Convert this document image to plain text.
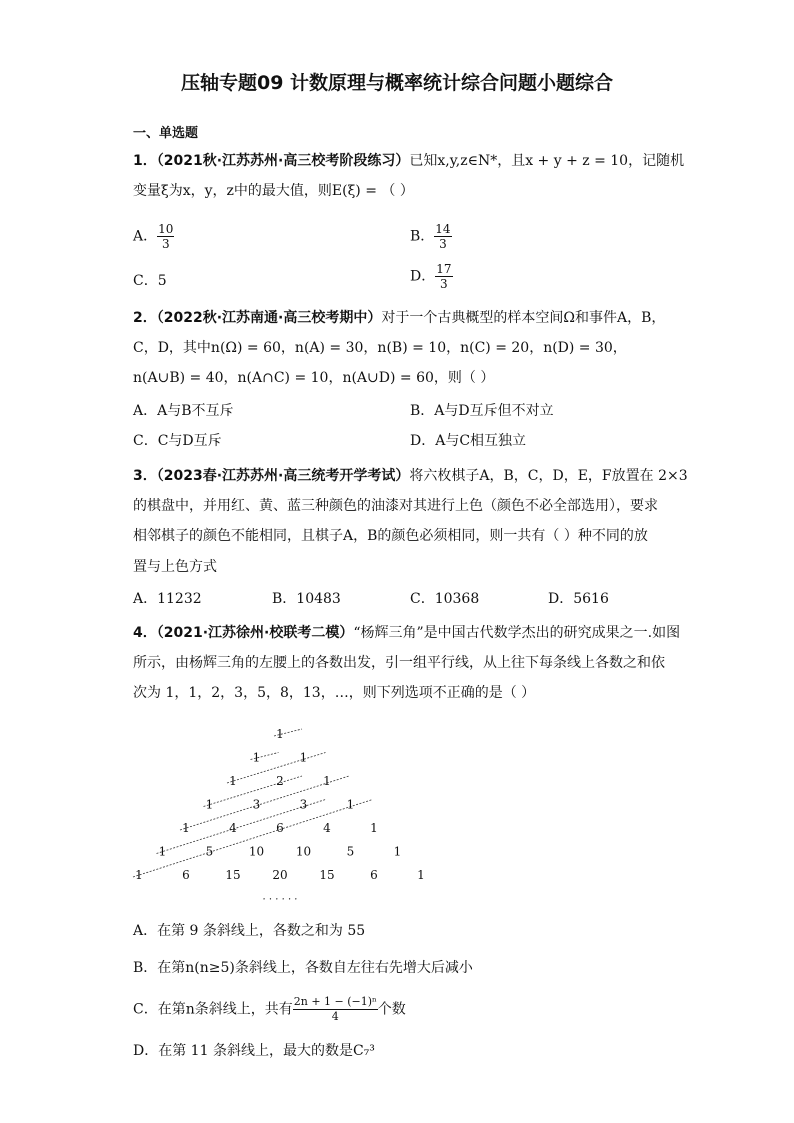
压轴专题09 计数原理与概率统计综合问题小题综合
一、单选题
1．（2021秋·江苏苏州·高三校考阶段练习）已知x,y,z∈N*，且x + y + z = 10，记随机
变量ξ为x，y，z中的最大值，则E(ξ) = （ ）
A． $\frac{10}{3}$	B． $\frac{14}{3}$
C．5	D． $\frac{17}{3}$
2．（2022秋·江苏南通·高三校考期中）对于一个古典概型的样本空间Ω和事件A，B，
C，D，其中n(Ω) = 60，n(A) = 30，n(B) = 10，n(C) = 20，n(D) = 30，
n(A∪B) = 40，n(A∩C) = 10，n(A∪D) = 60，则（ ）
A．A与B不互斥	B．A与D互斥但不对立
C．C与D互斥	D．A与C相互独立
3．（2023春·江苏苏州·高三统考开学考试）将六枚棋子A，B，C，D，E，F放置在 2×3
的棋盘中，并用红、黄、蓝三种颜色的油漆对其进行上色（颜色不必全部选用），要求
相邻棋子的颜色不能相同，且棋子A，B的颜色必须相同，则一共有（ ）种不同的放
置与上色方式
A．11232	B．10483	C．10368	D．5616
4．（2021·江苏徐州·校联考二模）“杨辉三角”是中国古代数学杰出的研究成果之一.如图
所示，由杨辉三角的左腰上的各数出发，引一组平行线，从上往下每条线上各数之和依
次为 1，1，2，3，5，8，13，…，则下列选项不正确的是（ ）
1
1	1
1	2	1
1	3	3	1
1	4	6	4	1
1	5	10	10	5	1
1	6	15	20	15	6	1
· · · · · ·
A．在第 9 条斜线上，各数之和为 55
B．在第n(n≥5)条斜线上，各数自左往右先增大后减小
C．在第n条斜线上，共有 $\frac{\text{2n + 1 − (−1)ⁿ}}{4}$ 个数
D．在第 11 条斜线上，最大的数是C₇³
